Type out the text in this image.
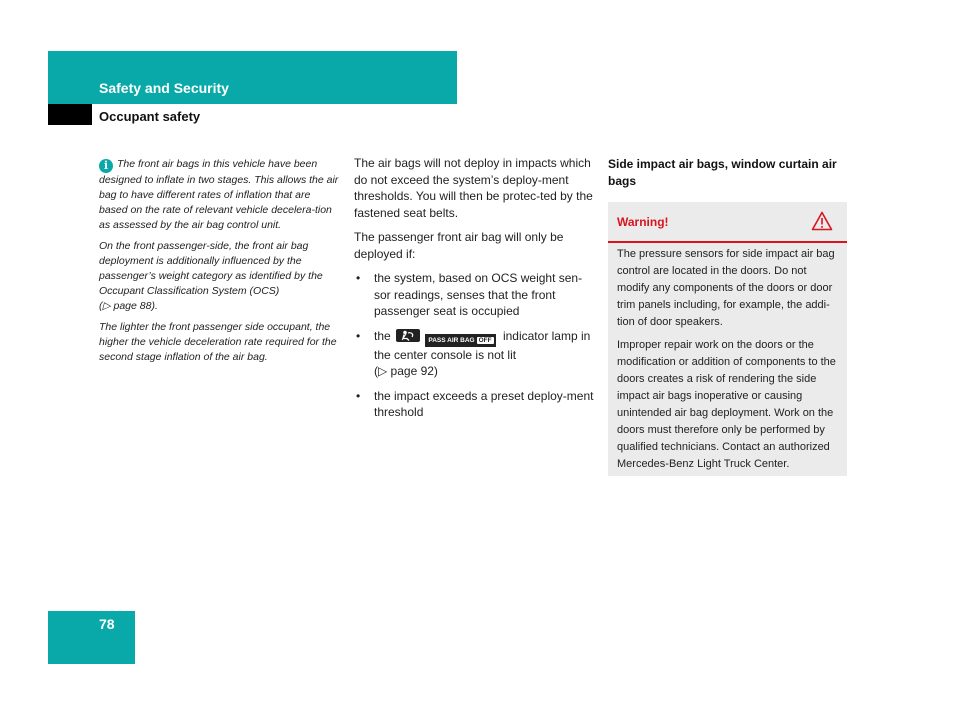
Safety and Security
Occupant safety

i The front air bags in this vehicle have been designed to inflate in two stages. This allows the air bag to have different rates of inflation that are based on the rate of relevant vehicle decelera-tion as assessed by the air bag control unit.

On the front passenger-side, the front air bag deployment is additionally influenced by the passenger’s weight category as identified by the Occupant Classification System (OCS)
(▷ page 88).

The lighter the front passenger side occupant, the higher the vehicle deceleration rate required for the second stage inflation of the air bag.

The air bags will not deploy in impacts which do not exceed the system’s deploy-ment thresholds. You will then be protec-ted by the fastened seat belts.

The passenger front air bag will only be deployed if:

• the system, based on OCS weight sen-sor readings, senses that the front passenger seat is occupied
• the	PASS AIR BAG OFF indicator lamp in the center console is not lit
(▷ page 92)
• the impact exceeds a preset deploy-ment threshold
Side impact air bags, window curtain air bags
Warning!

The pressure sensors for side impact air bag control are located in the doors. Do not modify any components of the doors or door trim panels including, for example, the addi-tion of door speakers.

Improper repair work on the doors or the modification or addition of components to the doors creates a risk of rendering the side impact air bags inoperative or causing unintended air bag deployment. Work on the doors must therefore only be performed by qualified technicians. Contact an authorized Mercedes-Benz Light Truck Center.

78
